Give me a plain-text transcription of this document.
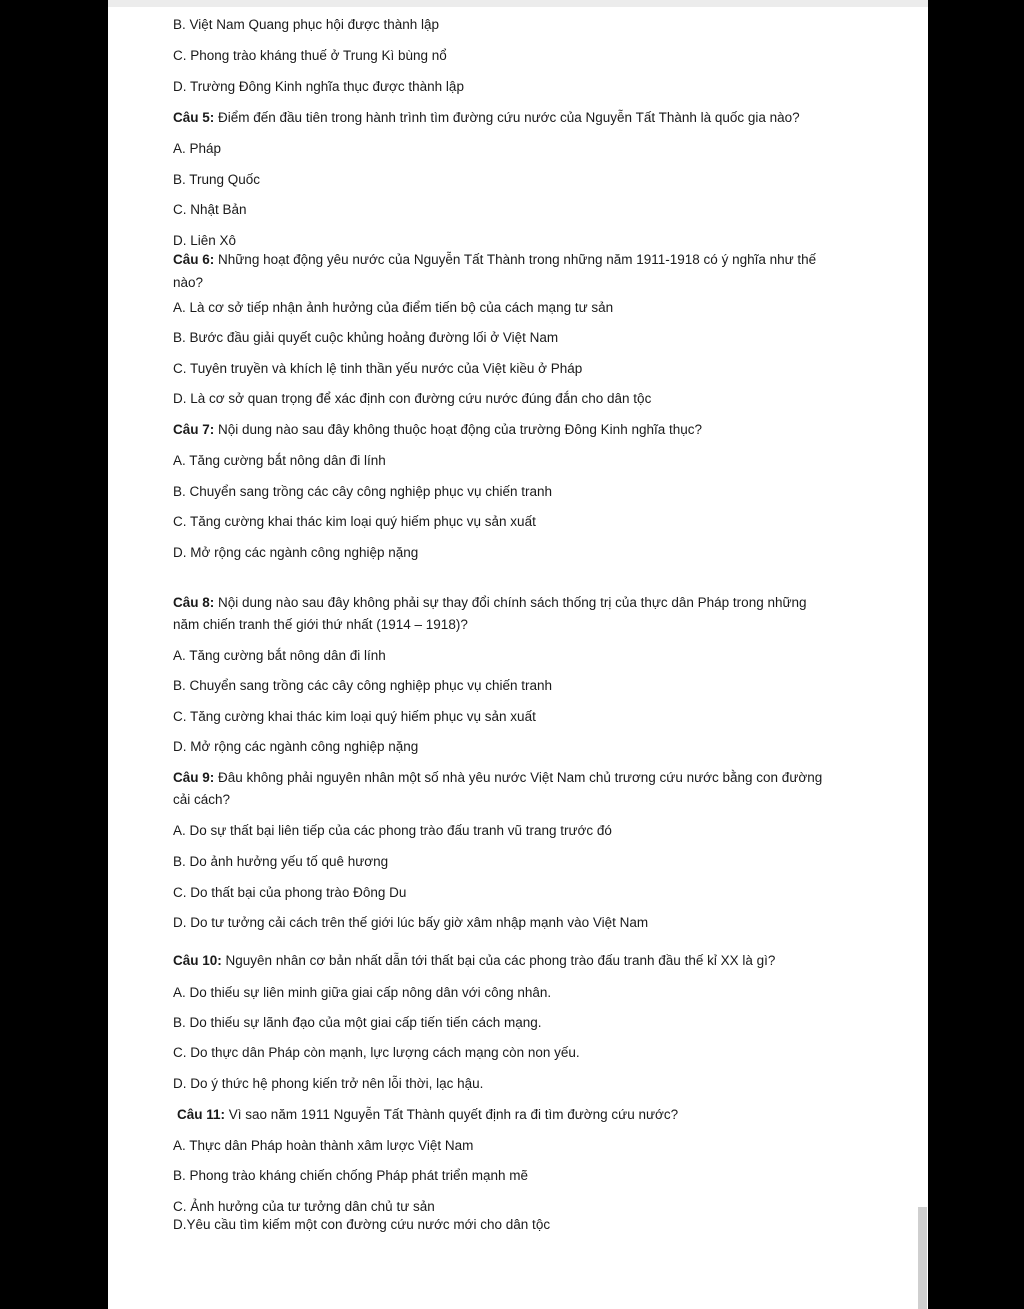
B. Việt Nam Quang phục hội được thành lập
C. Phong trào kháng thuế ở Trung Kì bùng nổ
D. Trường Đông Kinh nghĩa thục được thành lập
Câu 5: Điểm đến đầu tiên trong hành trình tìm đường cứu nước của Nguyễn Tất Thành là quốc gia nào?
A. Pháp
B. Trung Quốc
C. Nhật Bản
D. Liên Xô
Câu 6: Những hoạt động yêu nước của Nguyễn Tất Thành trong những năm 1911-1918 có ý nghĩa như thế
nào?
A. Là cơ sở tiếp nhận ảnh hưởng của điểm tiến bộ của cách mạng tư sản
B. Bước đầu giải quyết cuộc khủng hoảng đường lối ở Việt Nam
C. Tuyên truyền và khích lệ tinh thần yếu nước của Việt kiều ở Pháp
D. Là cơ sở quan trọng để xác định con đường cứu nước đúng đắn cho dân tộc
Câu 7: Nội dung nào sau đây không thuộc hoạt động của trường Đông Kinh nghĩa thục?
A. Tăng cường bắt nông dân đi lính
B. Chuyển sang trồng các cây công nghiệp phục vụ chiến tranh
C. Tăng cường khai thác kim loại quý hiếm phục vụ sản xuất
D. Mở rộng các ngành công nghiệp nặng
Câu 8: Nội dung nào sau đây không phải sự thay đổi chính sách thống trị của thực dân Pháp trong những
năm chiến tranh thế giới thứ nhất (1914 – 1918)?
A. Tăng cường bắt nông dân đi lính
B. Chuyển sang trồng các cây công nghiệp phục vụ chiến tranh
C. Tăng cường khai thác kim loại quý hiếm phục vụ sản xuất
D. Mở rộng các ngành công nghiệp nặng
Câu 9: Đâu không phải nguyên nhân một số nhà yêu nước Việt Nam chủ trương cứu nước bằng con đường
cải cách?
A. Do sự thất bại liên tiếp của các phong trào đấu tranh vũ trang trước đó
B. Do ảnh hưởng yếu tố quê hương
C. Do thất bại của phong trào Đông Du
D. Do tư tưởng cải cách trên thế giới lúc bấy giờ xâm nhập mạnh vào Việt Nam
Câu 10: Nguyên nhân cơ bản nhất dẫn tới thất bại của các phong trào đấu tranh đầu thế kỉ XX là gì?
A. Do thiếu sự liên minh giữa giai cấp nông dân với công nhân.
B. Do thiếu sự lãnh đạo của một giai cấp tiến tiến cách mạng.
C. Do thực dân Pháp còn mạnh, lực lượng cách mạng còn non yếu.
D. Do ý thức hệ phong kiến trở nên lỗi thời, lạc hậu.
Câu 11: Vì sao năm 1911 Nguyễn Tất Thành quyết định ra đi tìm đường cứu nước?
A. Thực dân Pháp hoàn thành xâm lược Việt Nam
B. Phong trào kháng chiến chống Pháp phát triển mạnh mẽ
C. Ảnh hưởng của tư tưởng dân chủ tư sản
D.Yêu cầu tìm kiếm một con đường cứu nước mới cho dân tộc
